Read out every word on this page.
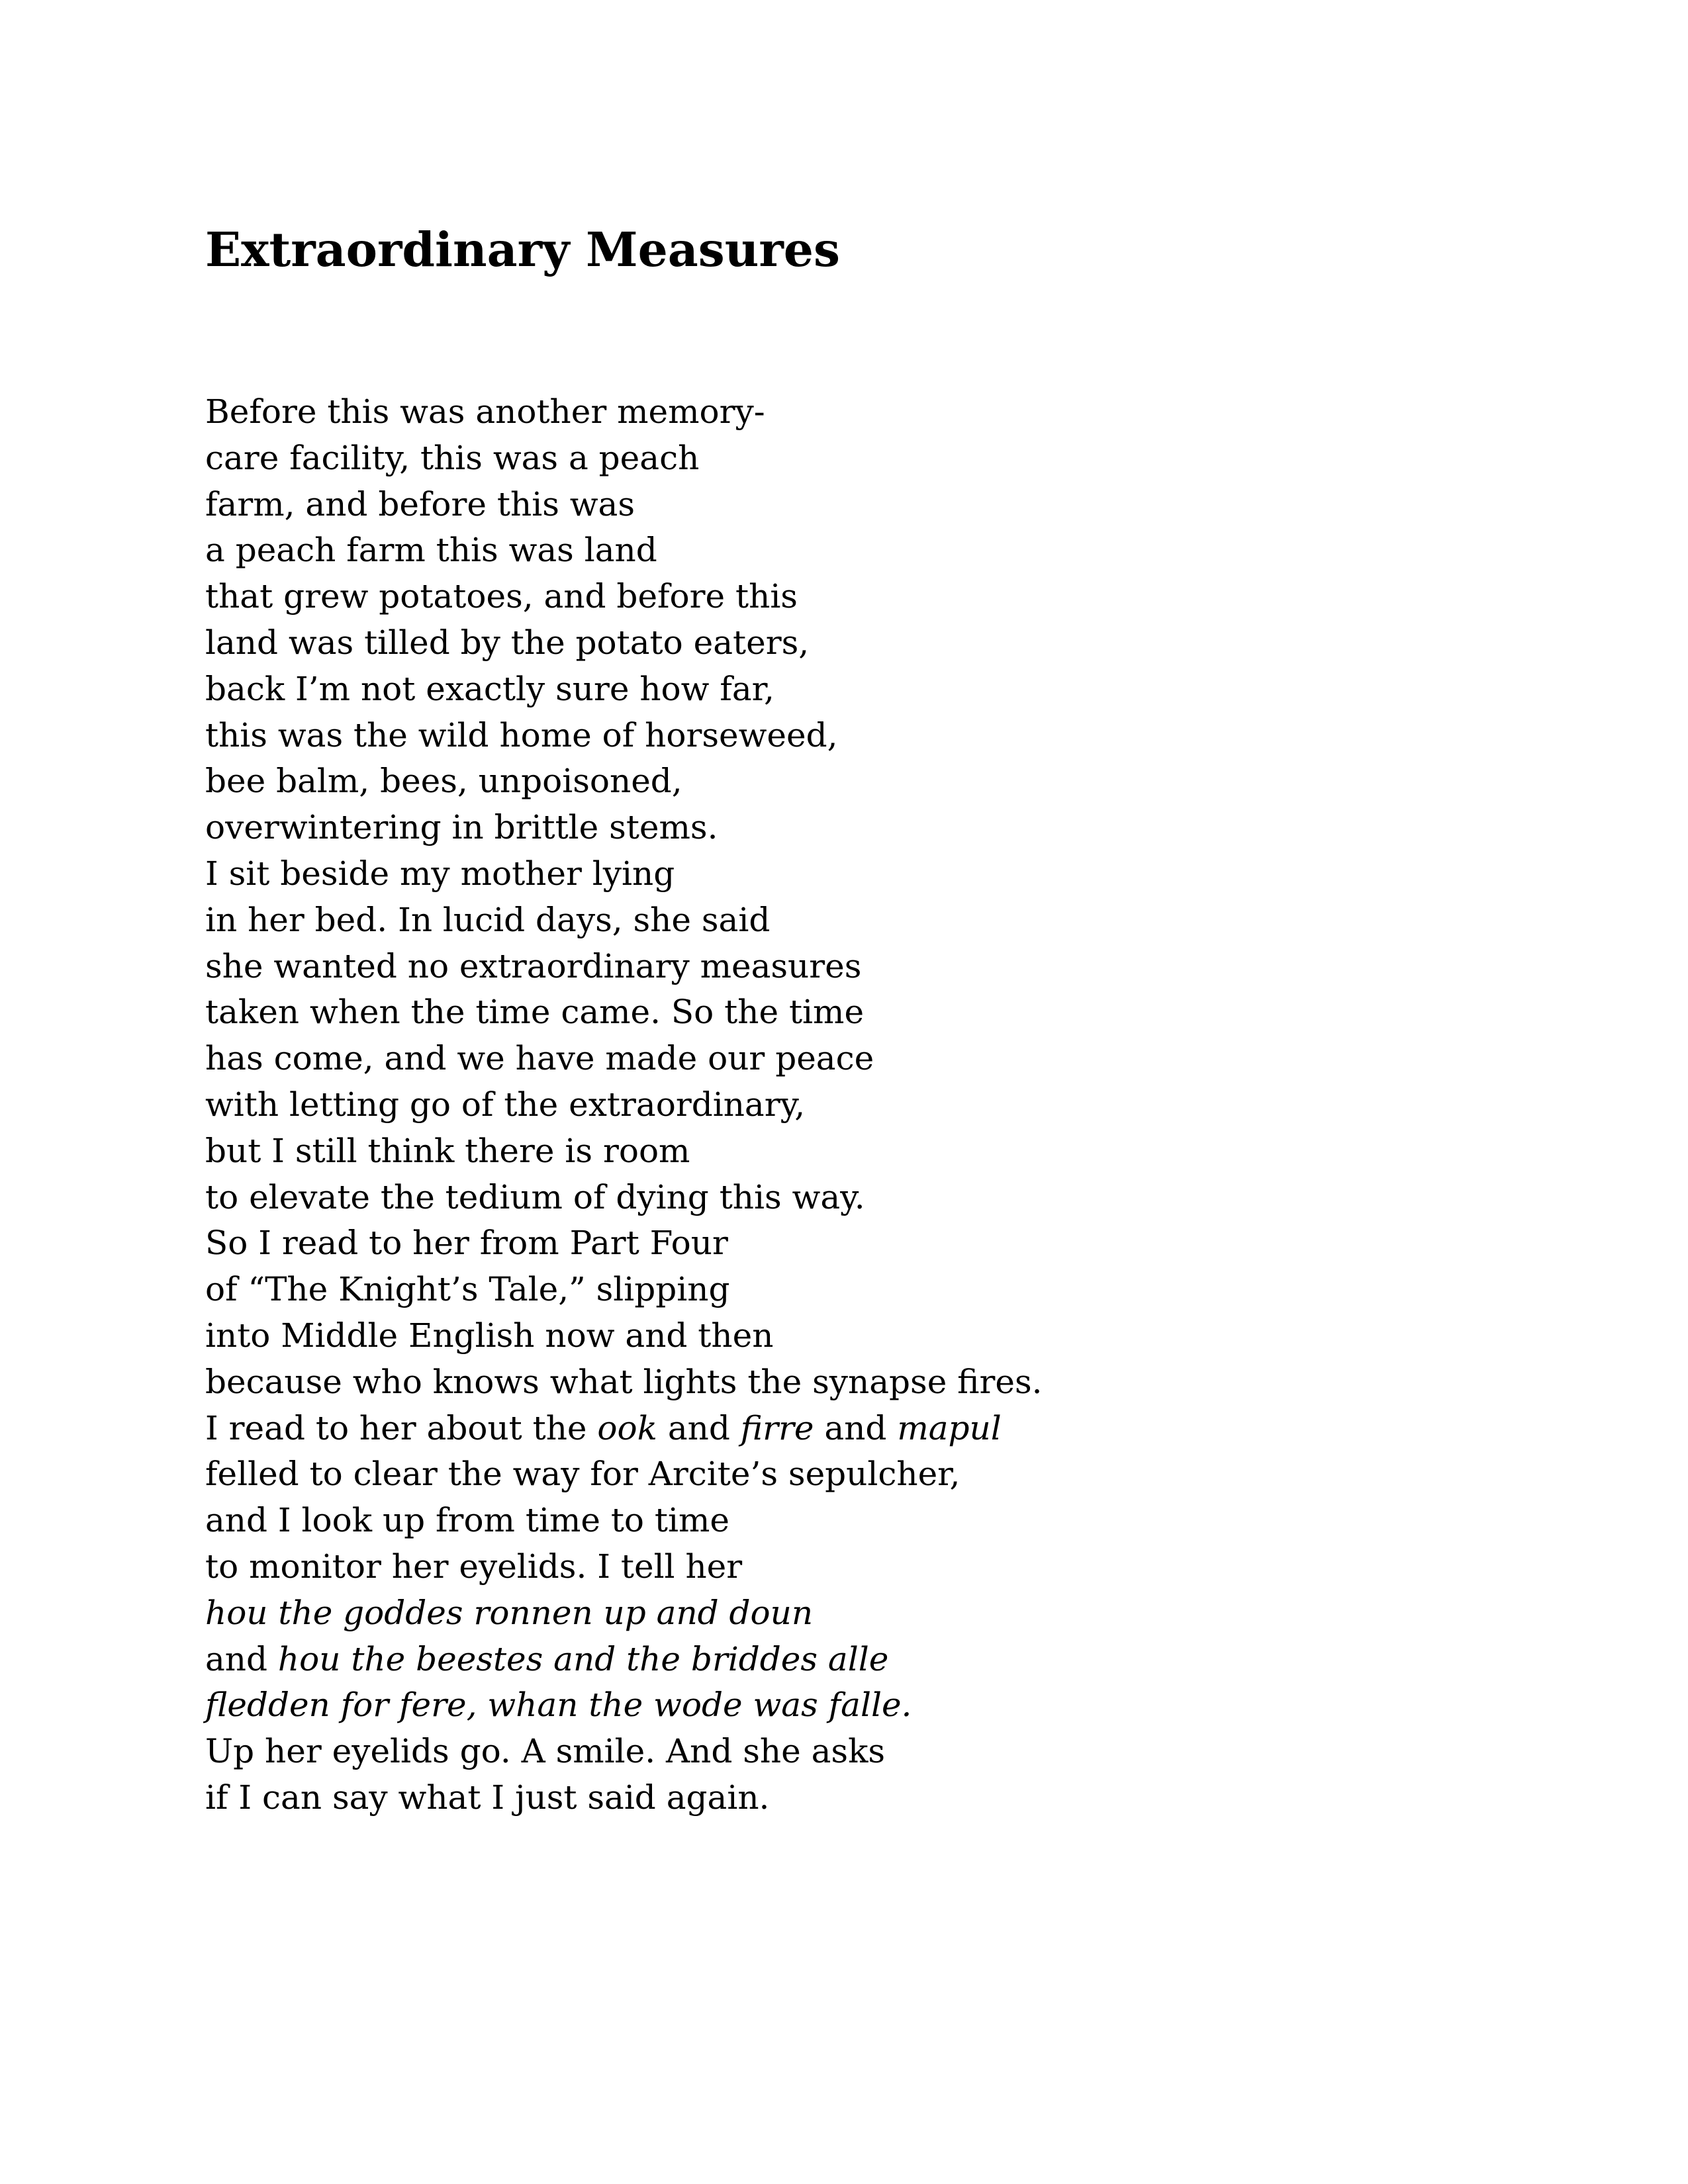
Extraordinary Measures
Before this was another memory-
care facility, this was a peach
farm, and before this was
a peach farm this was land
that grew potatoes, and before this
land was tilled by the potato eaters,
back I’m not exactly sure how far,
this was the wild home of horseweed,
bee balm, bees, unpoisoned,
overwintering in brittle stems.
I sit beside my mother lying
in her bed. In lucid days, she said
she wanted no extraordinary measures
taken when the time came. So the time
has come, and we have made our peace
with letting go of the extraordinary,
but I still think there is room
to elevate the tedium of dying this way.
So I read to her from Part Four
of “The Knight’s Tale,” slipping
into Middle English now and then
because who knows what lights the synapse fires.
I read to her about the ook and firre and mapul
felled to clear the way for Arcite’s sepulcher,
and I look up from time to time
to monitor her eyelids. I tell her
hou the goddes ronnen up and doun
and hou the beestes and the briddes alle
fledden for fere, whan the wode was falle.
Up her eyelids go. A smile. And she asks
if I can say what I just said again.
